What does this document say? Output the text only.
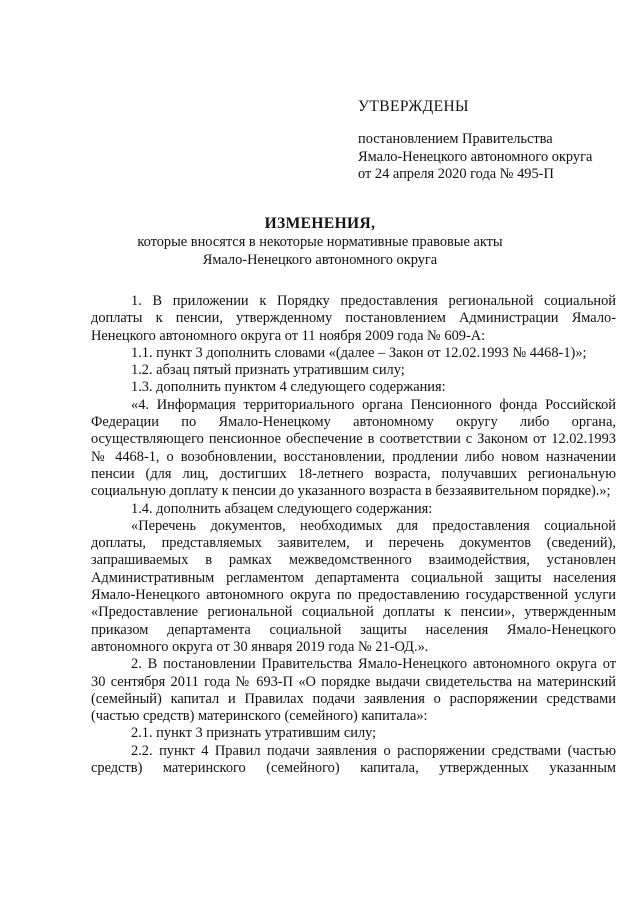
УТВЕРЖДЕНЫ
постановлением Правительства
Ямало-Ненецкого автономного округа
от 24 апреля 2020 года № 495-П
ИЗМЕНЕНИЯ,
которые вносятся в некоторые нормативные правовые акты
Ямало-Ненецкого автономного округа

1. В приложении к Порядку предоставления региональной социальной доплаты к пенсии, утвержденному постановлением Администрации Ямало-Ненецкого автономного округа от 11 ноября 2009 года № 609-А:

1.1. пункт 3 дополнить словами «(далее – Закон от 12.02.1993 № 4468-1)»;

1.2. абзац пятый признать утратившим силу;

1.3. дополнить пунктом 4 следующего содержания:

«4. Информация территориального органа Пенсионного фонда Российской Федерации по Ямало-Ненецкому автономному округу либо органа, осуществляющего пенсионное обеспечение в соответствии с Законом от 12.02.1993 № 4468-1, о возобновлении, восстановлении, продлении либо новом назначении пенсии (для лиц, достигших 18-летнего возраста, получавших региональную социальную доплату к пенсии до указанного возраста в беззаявительном порядке).»;

1.4. дополнить абзацем следующего содержания:

«Перечень документов, необходимых для предоставления социальной доплаты, представляемых заявителем, и перечень документов (сведений), запрашиваемых в рамках межведомственного взаимодействия, установлен Административным регламентом департамента социальной защиты населения Ямало-Ненецкого автономного округа по предоставлению государственной услуги «Предоставление региональной социальной доплаты к пенсии», утвержденным приказом департамента социальной защиты населения Ямало-Ненецкого автономного округа от 30 января 2019 года № 21-ОД.».

2. В постановлении Правительства Ямало-Ненецкого автономного округа от 30 сентября 2011 года № 693-П «О порядке выдачи свидетельства на материнский (семейный) капитал и Правилах подачи заявления о распоряжении средствами (частью средств) материнского (семейного) капитала»:

2.1. пункт 3 признать утратившим силу;

2.2. пункт 4 Правил подачи заявления о распоряжении средствами (частью средств) материнского (семейного) капитала, утвержденных указанным
